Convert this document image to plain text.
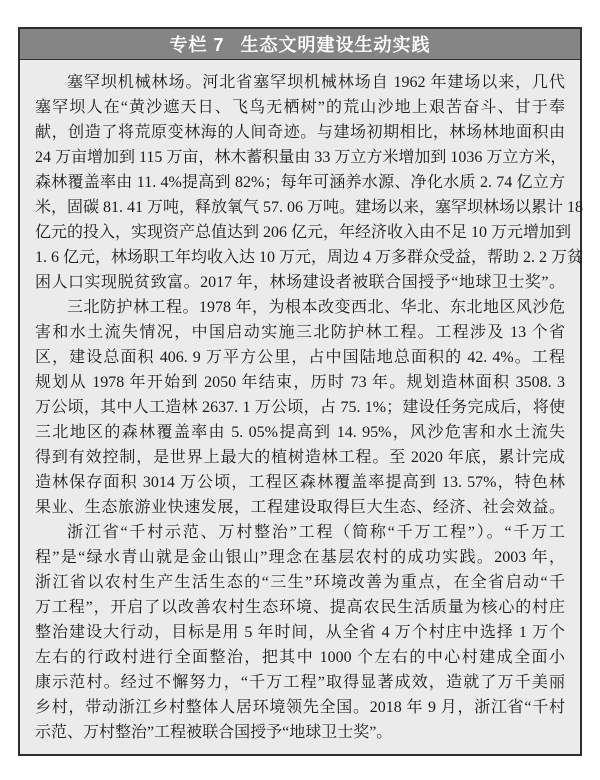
专栏 7 生态文明建设生动实践
塞罕坝机械林场。河北省塞罕坝机械林场自 1962 年建场以来，几代
塞罕坝人在“黄沙遮天日、飞鸟无栖树”的荒山沙地上艰苦奋斗、甘于奉
献，创造了将荒原变林海的人间奇迹。与建场初期相比，林场林地面积由
24 万亩增加到 115 万亩，林木蓄积量由 33 万立方米增加到 1036 万立方米，
森林覆盖率由 11. 4%提高到 82%；每年可涵养水源、净化水质 2. 74 亿立方
米，固碳 81. 41 万吨，释放氧气 57. 06 万吨。建场以来，塞罕坝林场以累计 18
亿元的投入，实现资产总值达到 206 亿元，年经济收入由不足 10 万元增加到
1. 6 亿元，林场职工年均收入达 10 万元，周边 4 万多群众受益，帮助 2. 2 万贫
困人口实现脱贫致富。2017 年，林场建设者被联合国授予“地球卫士奖”。
三北防护林工程。1978 年，为根本改变西北、华北、东北地区风沙危
害和水土流失情况，中国启动实施三北防护林工程。工程涉及 13 个省
区，建设总面积 406. 9 万平方公里，占中国陆地总面积的 42. 4%。工程
规划从 1978 年开始到 2050 年结束，历时 73 年。规划造林面积 3508. 3
万公顷，其中人工造林 2637. 1 万公顷，占 75. 1%；建设任务完成后，将使
三北地区的森林覆盖率由 5. 05%提高到 14. 95%，风沙危害和水土流失
得到有效控制，是世界上最大的植树造林工程。至 2020 年底，累计完成
造林保存面积 3014 万公顷，工程区森林覆盖率提高到 13. 57%，特色林
果业、生态旅游业快速发展，工程建设取得巨大生态、经济、社会效益。
浙江省“千村示范、万村整治”工程（简称“千万工程”）。“千万工
程”是“绿水青山就是金山银山”理念在基层农村的成功实践。2003 年，
浙江省以农村生产生活生态的“三生”环境改善为重点，在全省启动“千
万工程”，开启了以改善农村生态环境、提高农民生活质量为核心的村庄
整治建设大行动，目标是用 5 年时间，从全省 4 万个村庄中选择 1 万个
左右的行政村进行全面整治，把其中 1000 个左右的中心村建成全面小
康示范村。经过不懈努力，“千万工程”取得显著成效，造就了万千美丽
乡村，带动浙江乡村整体人居环境领先全国。2018 年 9 月，浙江省“千村
示范、万村整治”工程被联合国授予“地球卫士奖”。
